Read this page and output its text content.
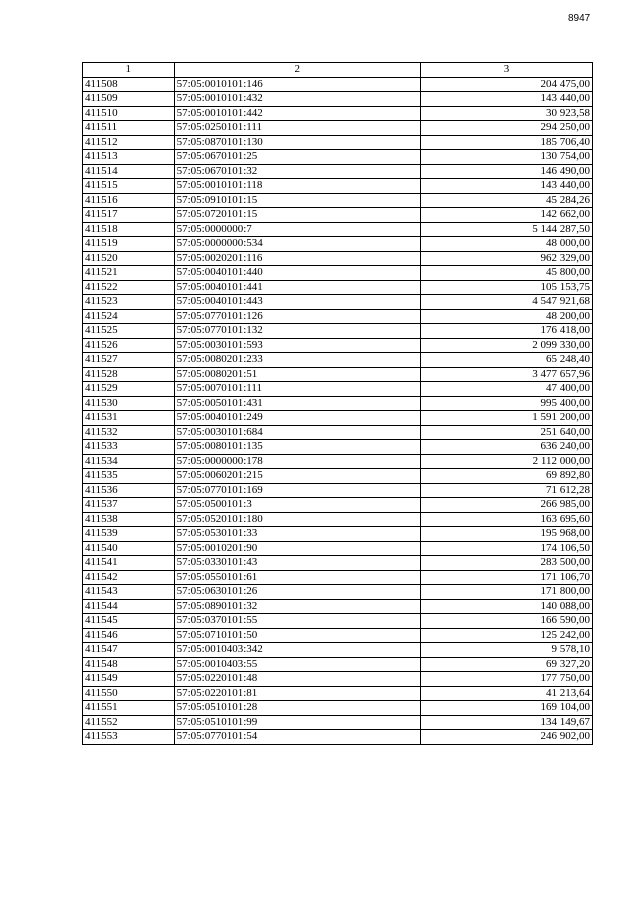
8947
1	2	3
411508	57:05:0010101:146	204 475,00
411509	57:05:0010101:432	143 440,00
411510	57:05:0010101:442	30 923,58
411511	57:05:0250101:111	294 250,00
411512	57:05:0870101:130	185 706,40
411513	57:05:0670101:25	130 754,00
411514	57:05:0670101:32	146 490,00
411515	57:05:0010101:118	143 440,00
411516	57:05:0910101:15	45 284,26
411517	57:05:0720101:15	142 662,00
411518	57:05:0000000:7	5 144 287,50
411519	57:05:0000000:534	48 000,00
411520	57:05:0020201:116	962 329,00
411521	57:05:0040101:440	45 800,00
411522	57:05:0040101:441	105 153,75
411523	57:05:0040101:443	4 547 921,68
411524	57:05:0770101:126	48 200,00
411525	57:05:0770101:132	176 418,00
411526	57:05:0030101:593	2 099 330,00
411527	57:05:0080201:233	65 248,40
411528	57:05:0080201:51	3 477 657,96
411529	57:05:0070101:111	47 400,00
411530	57:05:0050101:431	995 400,00
411531	57:05:0040101:249	1 591 200,00
411532	57:05:0030101:684	251 640,00
411533	57:05:0080101:135	636 240,00
411534	57:05:0000000:178	2 112 000,00
411535	57:05:0060201:215	69 892,80
411536	57:05:0770101:169	71 612,28
411537	57:05:0500101:3	266 985,00
411538	57:05:0520101:180	163 695,60
411539	57:05:0530101:33	195 968,00
411540	57:05:0010201:90	174 106,50
411541	57:05:0330101:43	283 500,00
411542	57:05:0550101:61	171 106,70
411543	57:05:0630101:26	171 800,00
411544	57:05:0890101:32	140 088,00
411545	57:05:0370101:55	166 590,00
411546	57:05:0710101:50	125 242,00
411547	57:05:0010403:342	9 578,10
411548	57:05:0010403:55	69 327,20
411549	57:05:0220101:48	177 750,00
411550	57:05:0220101:81	41 213,64
411551	57:05:0510101:28	169 104,00
411552	57:05:0510101:99	134 149,67
411553	57:05:0770101:54	246 902,00
